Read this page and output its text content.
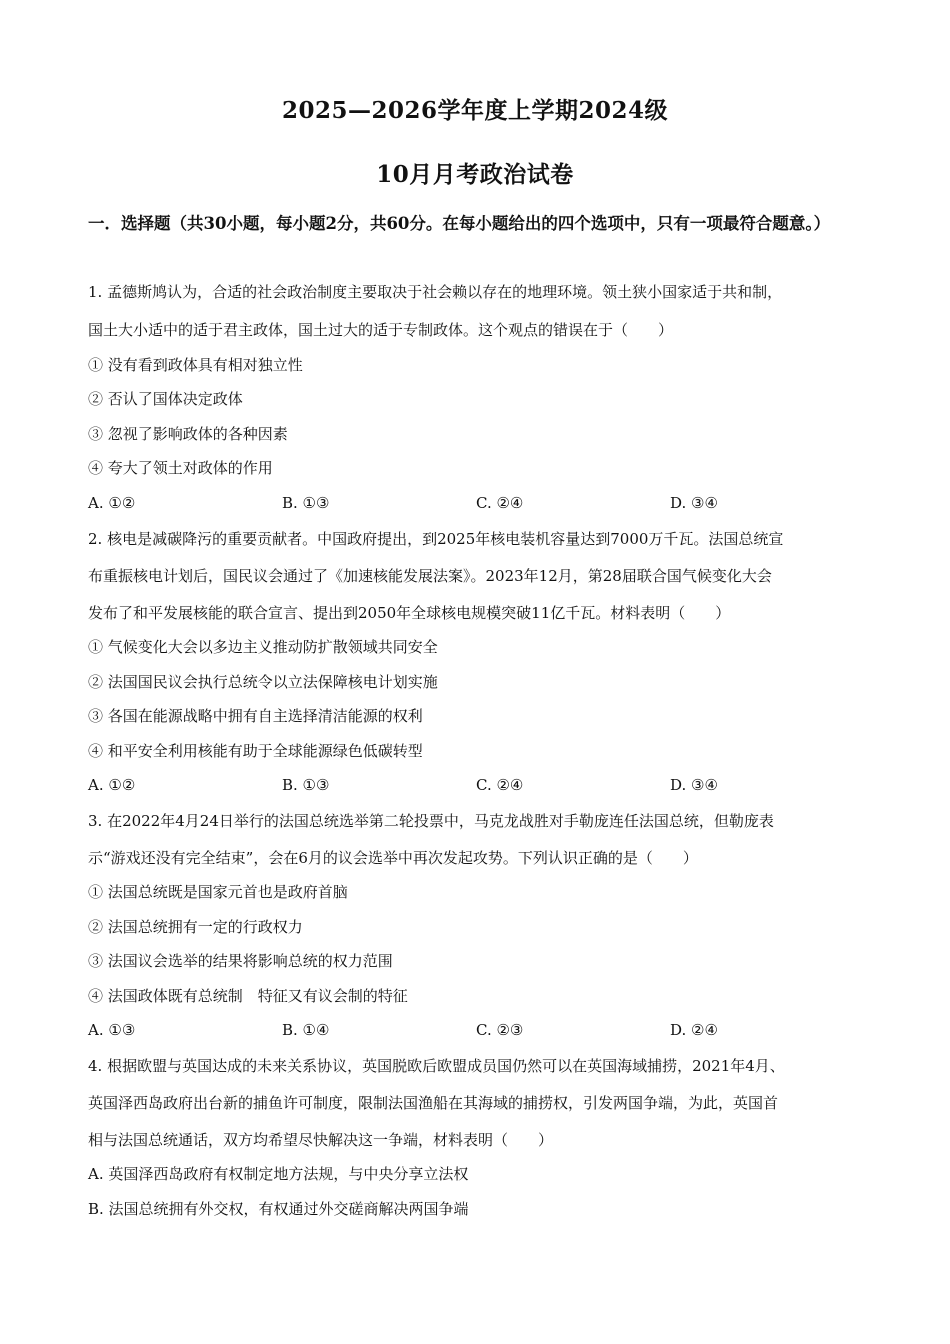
2025—2026学年度上学期2024级
10月月考政治试卷
一．选择题（共30小题，每小题2分，共60分。在每小题给出的四个选项中，只有一项最符合题意。）
1. 孟德斯鸠认为，合适的社会政治制度主要取决于社会赖以存在的地理环境。领土狭小国家适于共和制，
国土大小适中的适于君主政体，国土过大的适于专制政体。这个观点的错误在于（　　）
① 没有看到政体具有相对独立性
② 否认了国体决定政体
③ 忽视了影响政体的各种因素
④ 夸大了领土对政体的作用
A. ①②	B. ①③	C. ②④	D. ③④
2. 核电是减碳降污的重要贡献者。中国政府提出，到2025年核电装机容量达到7000万千瓦。法国总统宣
布重振核电计划后，国民议会通过了《加速核能发展法案》。2023年12月，第28届联合国气候变化大会
发布了和平发展核能的联合宣言、提出到2050年全球核电规模突破11亿千瓦。材料表明（　　）
① 气候变化大会以多边主义推动防扩散领域共同安全
② 法国国民议会执行总统令以立法保障核电计划实施
③ 各国在能源战略中拥有自主选择清洁能源的权利
④ 和平安全利用核能有助于全球能源绿色低碳转型
A. ①②	B. ①③	C. ②④	D. ③④
3. 在2022年4月24日举行的法国总统选举第二轮投票中，马克龙战胜对手勒庞连任法国总统，但勒庞表
示“游戏还没有完全结束”，会在6月的议会选举中再次发起攻势。下列认识正确的是（　　）
① 法国总统既是国家元首也是政府首脑
② 法国总统拥有一定的行政权力
③ 法国议会选举的结果将影响总统的权力范围
④ 法国政体既有总统制　特征又有议会制的特征
A. ①③	B. ①④	C. ②③	D. ②④
4. 根据欧盟与英国达成的未来关系协议，英国脱欧后欧盟成员国仍然可以在英国海域捕捞，2021年4月、
英国泽西岛政府出台新的捕鱼许可制度，限制法国渔船在其海域的捕捞权，引发两国争端，为此，英国首
相与法国总统通话，双方均希望尽快解决这一争端，材料表明（　　）
A. 英国泽西岛政府有权制定地方法规，与中央分享立法权
B. 法国总统拥有外交权，有权通过外交磋商解决两国争端
